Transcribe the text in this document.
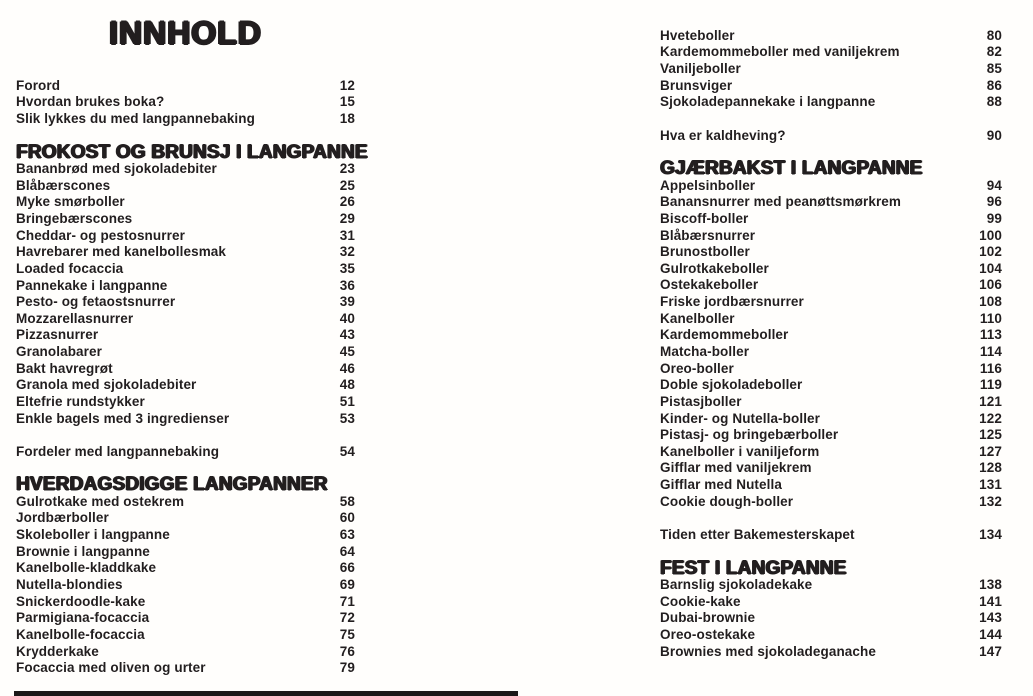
INNHOLD
Forord	12
Hvordan brukes boka?	15
Slik lykkes du med langpannebaking	18
FROKOST OG BRUNSJ I LANGPANNE
Bananbrød med sjokoladebiter	23
Blåbærscones	25
Myke smørboller	26
Bringebærscones	29
Cheddar- og pestosnurrer	31
Havrebarer med kanelbollesmak	32
Loaded focaccia	35
Pannekake i langpanne	36
Pesto- og fetaostsnurrer	39
Mozzarellasnurrer	40
Pizzasnurrer	43
Granolabarer	45
Bakt havregrøt	46
Granola med sjokoladebiter	48
Eltefrie rundstykker	51
Enkle bagels med 3 ingredienser	53
Fordeler med langpannebaking	54
HVERDAGSDIGGE LANGPANNER
Gulrotkake med ostekrem	58
Jordbærboller	60
Skoleboller i langpanne	63
Brownie i langpanne	64
Kanelbolle-kladdkake	66
Nutella-blondies	69
Snickerdoodle-kake	71
Parmigiana-focaccia	72
Kanelbolle-focaccia	75
Krydderkake	76
Focaccia med oliven og urter	79
Hveteboller	80
Kardemommeboller med vaniljekrem	82
Vaniljeboller	85
Brunsviger	86
Sjokoladepannekake i langpanne	88
Hva er kaldheving?	90
GJÆRBAKST I LANGPANNE
Appelsinboller	94
Banansnurrer med peanøttsmørkrem	96
Biscoff-boller	99
Blåbærsnurrer	100
Brunostboller	102
Gulrotkakeboller	104
Ostekakeboller	106
Friske jordbærsnurrer	108
Kanelboller	110
Kardemommeboller	113
Matcha-boller	114
Oreo-boller	116
Doble sjokoladeboller	119
Pistasjboller	121
Kinder- og Nutella-boller	122
Pistasj- og bringebærboller	125
Kanelboller i vaniljeform	127
Gifflar med vaniljekrem	128
Gifflar med Nutella	131
Cookie dough-boller	132
Tiden etter Bakemesterskapet	134
FEST I LANGPANNE
Barnslig sjokoladekake	138
Cookie-kake	141
Dubai-brownie	143
Oreo-ostekake	144
Brownies med sjokoladeganache	147
